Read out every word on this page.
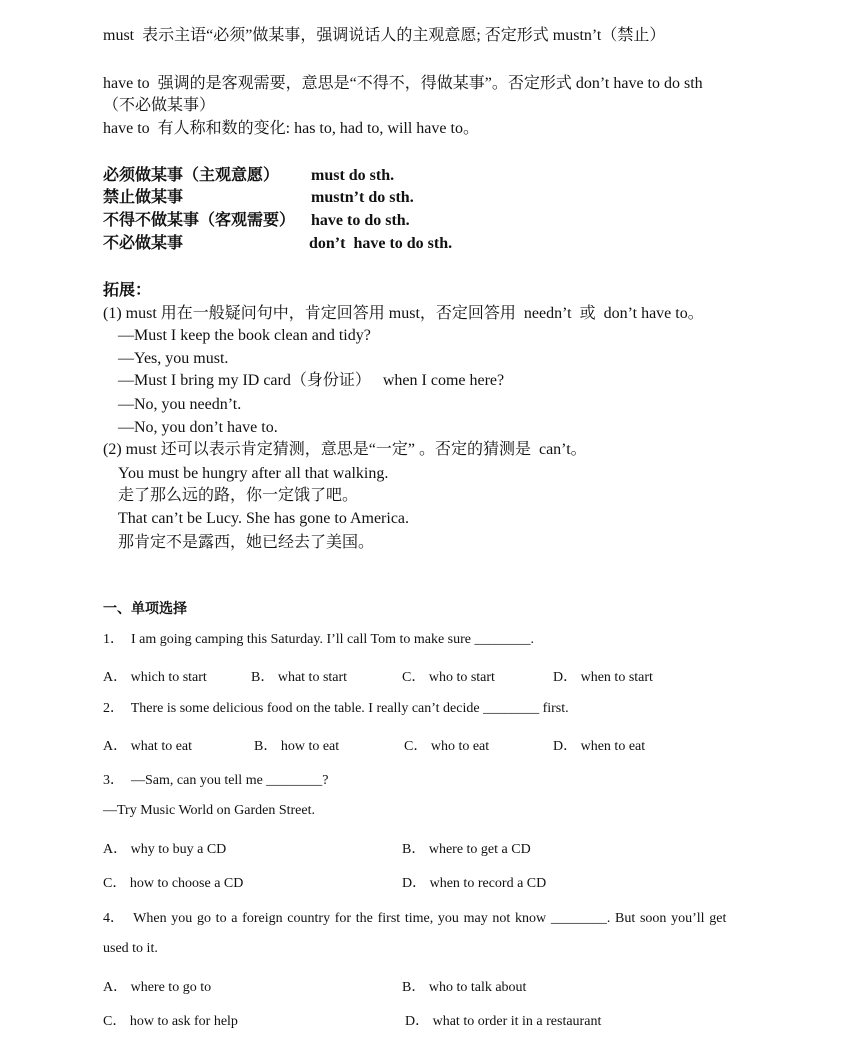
must  表示主语“必须”做某事，强调说话人的主观意愿; 否定形式 mustn’t（禁止）
have to  强调的是客观需要，意思是“不得不，得做某事”。否定形式 don’t have to do sth
（不必做某事）
have to  有人称和数的变化: has to, had to, will have to。
必须做某事（主观意愿） must do sth.
禁止做某事	mustn’t do sth.
不得不做某事（客观需要） have to do sth.
不必做某事	don’t  have to do sth.
拓展：
(1) must 用在一般疑问句中，肯定回答用 must，否定回答用  needn’t  或  don’t have to。
—Must I keep the book clean and tidy?
—Yes, you must.
—Must I bring my ID card（身份证）   when I come here?
—No, you needn’t.
—No, you don’t have to.
(2) must 还可以表示肯定猜测，意思是“一定” 。否定的猜测是  can’t。
You must be hungry after all that walking.
走了那么远的路，你一定饿了吧。
That can’t be Lucy. She has gone to America.
那肯定不是露西，她已经去了美国。
一、单项选择
1．  I am going camping this Saturday. I’ll call Tom to make sure ________.
A． which to start	B． what to start	C． who to start	D． when to start
2．  There is some delicious food on the table. I really can’t decide ________ first.
A． what to eat	B． how to eat	C． who to eat	D． when to eat
3．  —Sam, can you tell me ________?
—Try Music World on Garden Street.
A． why to buy a CD	B． where to get a CD
C． how to choose a CD	D． when to record a CD
4．  When you go to a foreign country for the first time, you may not know ________. But soon you’ll get
used to it.
A． where to go to	B． who to talk about
C． how to ask for help	D． what to order it in a restaurant
